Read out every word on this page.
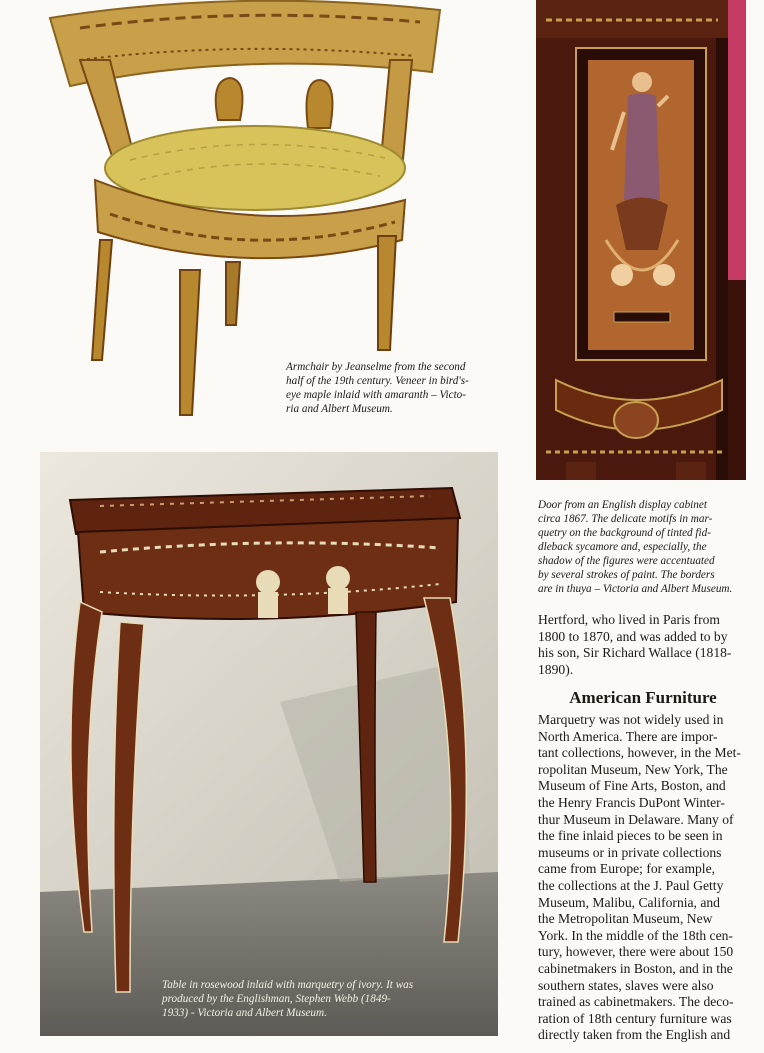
Armchair by Jeanselme from the second
half of the 19th century. Veneer in bird's-
eye maple inlaid with amaranth – Victo-
ria and Albert Museum.

Door from an English display cabinet
circa 1867. The delicate motifs in mar-
quetry on the background of tinted fid-
dleback sycamore and, especially, the
shadow of the figures were accentuated
by several strokes of paint. The borders
are in thuya – Victoria and Albert Museum.

Table in rosewood inlaid with marquetry of ivory. It was
produced by the Englishman, Stephen Webb (1849-
1933) - Victoria and Albert Museum.

Hertford, who lived in Paris from
1800 to 1870, and was added to by
his son, Sir Richard Wallace (1818-
1890).

American Furniture

Marquetry was not widely used in
North America. There are impor-
tant collections, however, in the Met-
ropolitan Museum, New York, The
Museum of Fine Arts, Boston, and
the Henry Francis DuPont Winter-
thur Museum in Delaware. Many of
the fine inlaid pieces to be seen in
museums or in private collections
came from Europe; for example,
the collections at the J. Paul Getty
Museum, Malibu, California, and
the Metropolitan Museum, New
York. In the middle of the 18th cen-
tury, however, there were about 150
cabinetmakers in Boston, and in the
southern states, slaves were also
trained as cabinetmakers. The deco-
ration of 18th century furniture was
directly taken from the English and
